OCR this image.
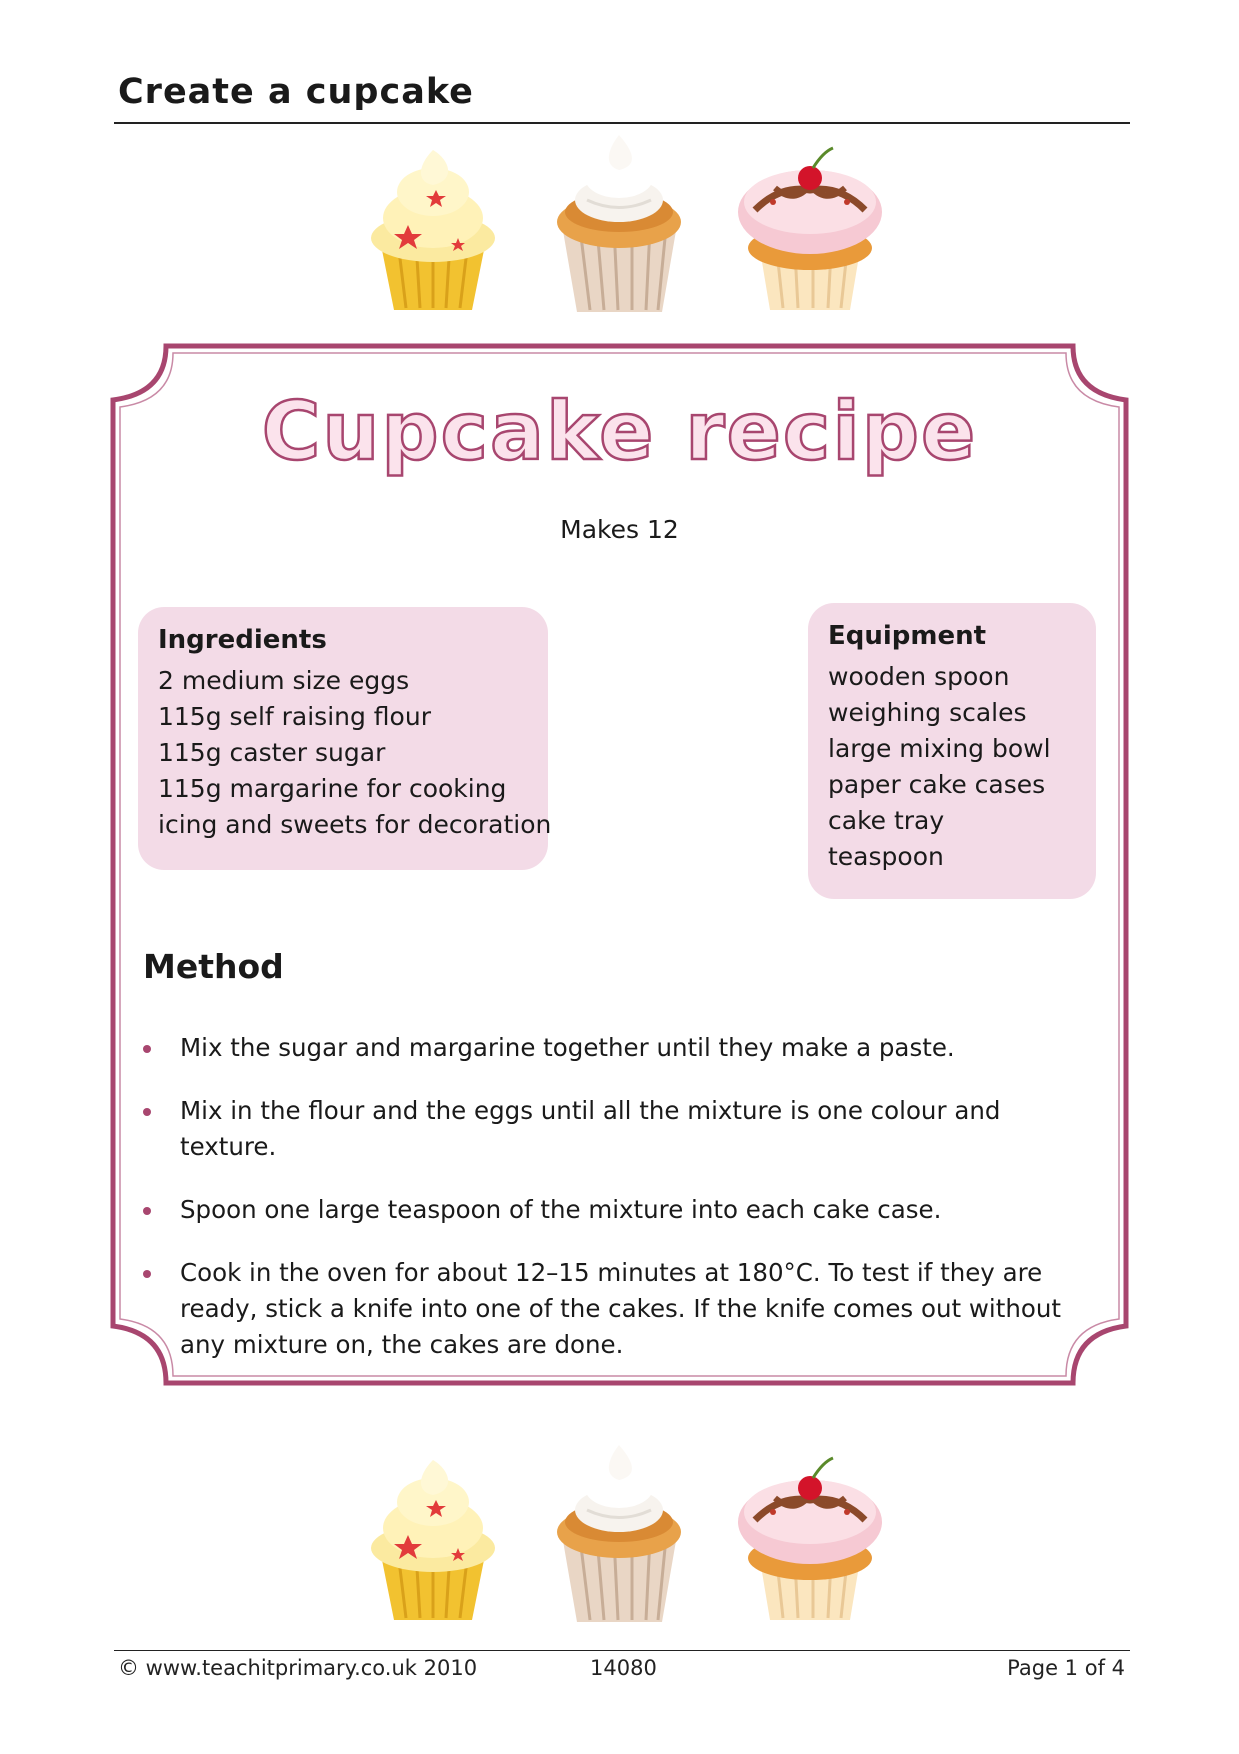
Create a cupcake
Cupcake recipe
Makes 12
Ingredients
2 medium size eggs
115g self raising flour
115g caster sugar
115g margarine for cooking
icing and sweets for decoration
Equipment
wooden spoon
weighing scales
large mixing bowl
paper cake cases
cake tray
teaspoon
Method
Mix the sugar and margarine together until they make a paste.
Mix in the flour and the eggs until all the mixture is one colour and texture.
Spoon one large teaspoon of the mixture into each cake case.
Cook in the oven for about 12–15 minutes at 180°C. To test if they are ready, stick a knife into one of the cakes. If the knife comes out without any mixture on, the cakes are done.
© www.teachitprimary.co.uk 2010	14080	Page 1 of 4
